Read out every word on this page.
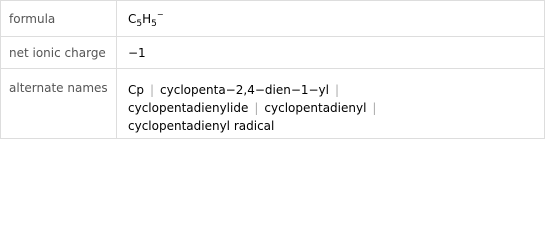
formula	$C_5H_5^-$
net ionic charge	−1
alternate names	Cp | cyclopenta−2,4−dien−1−yl |
cyclopentadienylide | cyclopentadienyl |
cyclopentadienyl radical
